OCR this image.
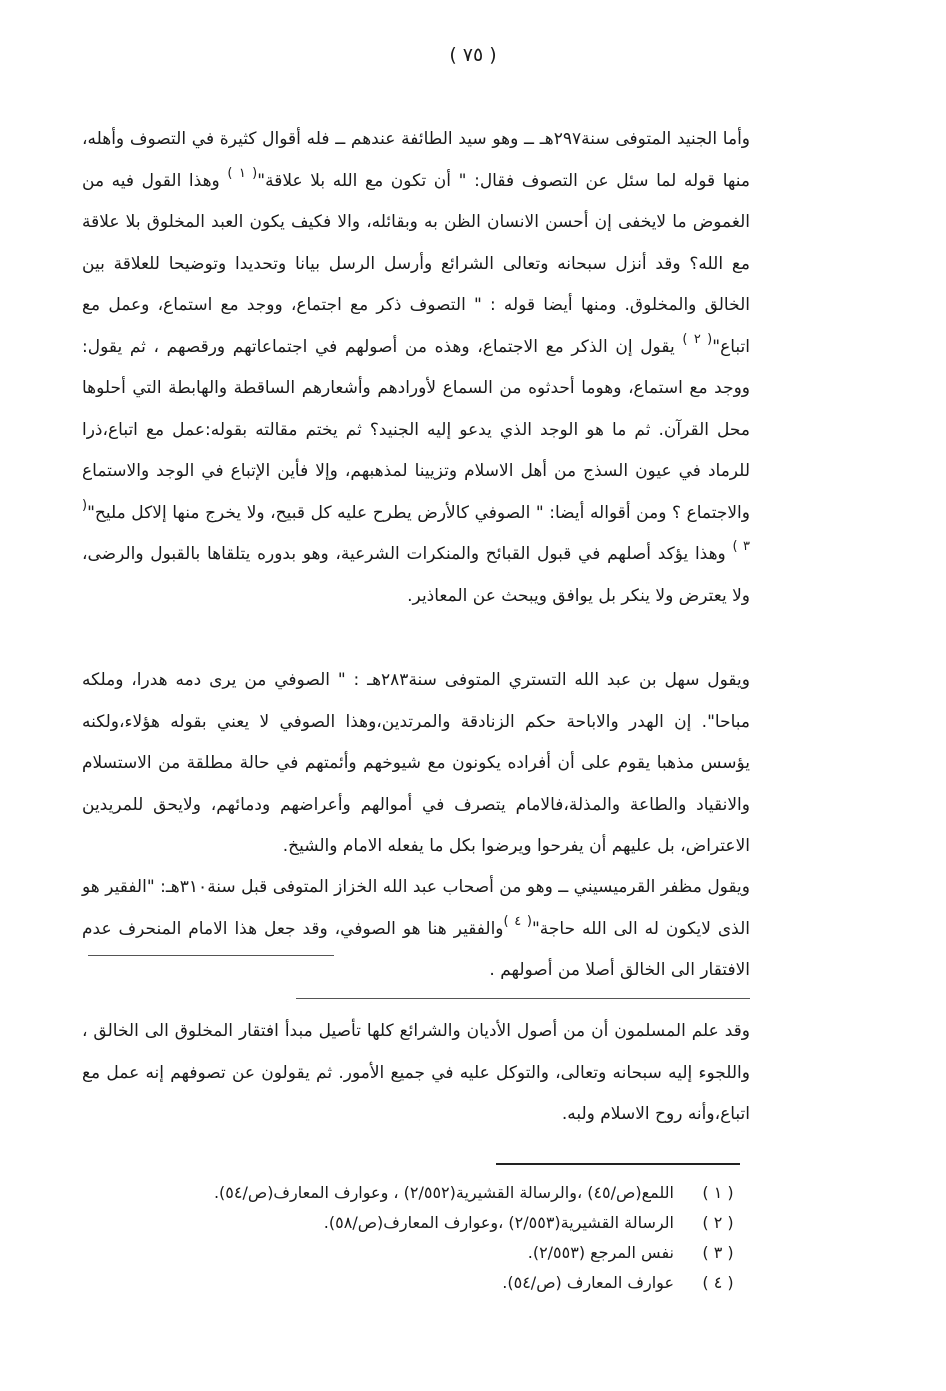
( ٧٥ )

وأما الجنيد المتوفى سنة٢٩٧هـ ــ وهو سيد الطائفة عندهم ــ فله أقوال كثيرة في التصوف وأهله، منها قوله لما سئل عن التصوف فقال: " أن تكون مع الله بلا علاقة"$^{( ١ )}$ وهذا القول فيه من الغموض ما لايخفى إن أحسن الانسان الظن به وبقائله، والا فكيف يكون العبد المخلوق بلا علاقة مع الله؟ وقد أنزل سبحانه وتعالى الشرائع وأرسل الرسل بيانا وتحديدا وتوضيحا للعلاقة بين الخالق والمخلوق. ومنها أيضا قوله : " التصوف ذكر مع اجتماع، ووجد مع استماع، وعمل مع اتباع"$^{( ٢ )}$ يقول إن الذكر مع الاجتماع، وهذه من أصولهم في اجتماعاتهم ورقصهم ، ثم يقول: ووجد مع استماع، وهوما أحدثوه من السماع لأورادهم وأشعارهم الساقطة والهابطة التي أحلوها محل القرآن. ثم ما هو الوجد الذي يدعو إليه الجنيد؟ ثم يختم مقالته بقوله:عمل مع اتباع،ذرا للرماد في عيون السذج من أهل الاسلام وتزيينا لمذهبهم، وإلا فأين الإتباع في الوجد والاستماع والاجتماع ؟ ومن أقواله أيضا: " الصوفي كالأرض يطرح عليه كل قبيح، ولا يخرج منها إلاكل مليح"$^{( ٣ )}$ وهذا يؤكد أصلهم في قبول القبائح والمنكرات الشرعية، وهو بدوره يتلقاها بالقبول والرضى، ولا يعترض ولا ينكر بل يوافق ويبحث عن المعاذير.

ويقول سهل بن عبد الله التستري المتوفى سنة٢٨٣هـ : " الصوفي من يرى دمه هدرا، وملكه مباحا". إن الهدر والاباحة حكم الزنادقة والمرتدين،وهذا الصوفي لا يعني بقوله هؤلاء،ولكنه يؤسس مذهبا يقوم على أن أفراده يكونون مع شيوخهم وأئمتهم في حالة مطلقة من الاستسلام والانقياد والطاعة والمذلة،فالامام يتصرف في أموالهم وأعراضهم ودمائهم، ولايحق للمريدين الاعتراض، بل عليهم أن يفرحوا ويرضوا بكل ما يفعله الامام والشيخ.

ويقول مظفر القرميسيني ــ وهو من أصحاب عبد الله الخزاز المتوفى قبل سنة٣١٠هـ: "الفقير هو الذى لايكون له الى الله حاجة"$^{( ٤ )}$والفقير هنا هو الصوفي، وقد جعل هذا الامام المنحرف عدم الافتقار الى الخالق أصلا من أصولهم .

وقد علم المسلمون أن من أصول الأديان والشرائع كلها تأصيل مبدأ افتقار المخلوق الى الخالق ، واللجوء إليه سبحانه وتعالى، والتوكل عليه في جميع الأمور. ثم يقولون عن تصوفهم إنه عمل مع اتباع،وأنه روح الاسلام ولبه.

( ١ )
اللمع(ص/٤٥) ،والرسالة القشيرية(٢/٥٥٢) ، وعوارف المعارف(ص/٥٤).
( ٢ )
الرسالة القشيرية(٢/٥٥٣) ،وعوارف المعارف(ص/٥٨).
( ٣ )
نفس المرجع (٢/٥٥٣).
( ٤ )
عوارف المعارف (ص/٥٤).
